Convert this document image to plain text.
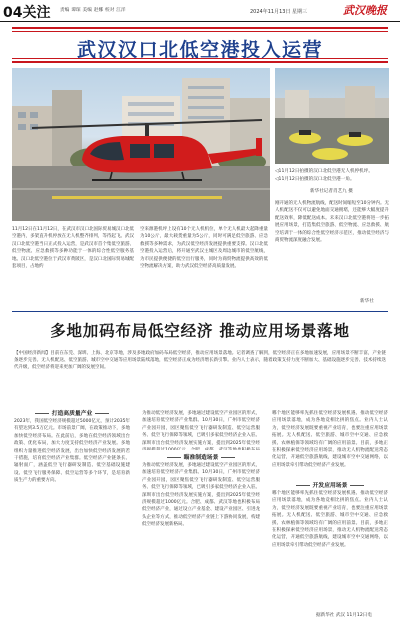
04关注 责编 谭琛 美编 赵娜 校对 江洋	2024年11月13日 星期三	武汉晚报
武汉汉口北低空港投入运营
◁11月12日拍摄的汉口北低空港无人机停机坪。
◁11月12日拍摄的汉口北低空港一角。
新华社记者肖艺九 摄
11月12日在11月12日，在武汉市汉口北国际贸易城汉口北低空港内，多架直升机停放在无人机整齐排列，等待起飞。武汉汉口北低空港当日正式投入运营，是武汉市首个集低空旅游、低空物流、应急救援等多种功能于一体的综合性低空服务基地。汉口北低空港位于武汉市黄陂区，是汉口北国际贸易城配套项目，占地约
空来源港机坪上设有10个无人机机位，单个无人机最大起降重量为10公斤，最大载货重量为5公斤，同时可满足低空旅游、应急救援等多种需求，为武汉低空经济发展提供重要支撑。汉口北低空港投入运营后，将开通至武汉主城区及周边城市的低空航线，为市民提供便捷的低空出行服务，同时为商贸物流提供高效的低空物流解决方案，助力武汉低空经济高质量发展。
刚开通的无人机物流航线，配送时间缩短至10分钟内。无人机配送不仅可以避免地面交通拥堵，还能够大幅度提升配送效率，降低配送成本。未来汉口北低空港将进一步拓展应用场景，打造集低空旅游、低空物流、应急救援、航空培训于一体的综合性低空经济示范区，推动低空经济与商贸物流深度融合发展。
新华社
多地加码布局低空经济 推动应用场景落地
【中国经济新闻】目前在东莞、深圳、上海、北京等地，涉及多地政府加码布局低空经济，推动应用场景落地。记者调查了解到，低空经济正在多地加速发展，应用场景不断丰富，产业链条逐步完善。无人机配送、低空旅游、城市空中交通等应用场景陆续落地，低空经济正成为经济增长新引擎。业内人士表示，随着政策支持力度不断加大、基础设施逐步完善、技术持续迭代升级，低空经济将迎来更加广阔的发展空间。
打造高质量产业
瞄准制造场景
开发应用场景
2023年，我国低空经济规模超过5000亿元，预计2035年有望达到3.5万亿元。市场前景广阔，在政策推动下，多地加快低空经济布局。在此前后，多地在低空经济领域出台政策、优化布局，加大力度支持低空经济产业发展。多地组织力量推进低空经济发展，出台加快低空经济发展的若干措施，培育低空经济产业集群。低空经济产业链条长、辐射面广，涵盖低空飞行器研发制造、低空基础设施建设、低空飞行服务保障、低空运营等多个环节，是培育新质生产力的重要方向。
为推动低空经济发展，多地通过建设低空产业园区的形式，加速培育低空经济产业集群。10月30日，广州市低空经济产业园开园，园区聚焦低空飞行器研发制造、低空运营服务、低空飞行保障等领域，已吸引多家低空经济企业入驻。深圳市出台低空经济发展实施方案，提出到2025年低空经
为推动低空经济发展，多地通过建设低空产业园区的形式，加速培育低空经济产业集群。10月30日，广州市低空经济产业园开园，园区聚焦低空飞行器研发制造、低空运营服务、低空飞行保障等领域，已吸引多家低空经济企业入驻。深圳市出台低空经济发展实施方案，提出到2025年低空经济规模超过1000亿元。合肥、成都、武汉等地也积极布局低空经济产业，通过设立产业基金、建设产业园区、引进龙头企业等方式，推动低空经济产业链上下游协同发展，构建低空经济发展新格局。
哪个地区能够率先抓住低空经济发展机遇、推动低空经济应用场景落地，成为各地竞相比拼的焦点。业内人士认为，低空经济发展既要重视产业培育，也要注重应用场景拓展。无人机配送、低空旅游、城市空中交通、应急救援、农林植保等领域均有广阔的应用前景。目前，多地正在积极探索低空经济应用场景，推动无人机物流配送常态化运营，开通低空旅游航线，建设城市空中交通网络，以应用场景牵引带动低空经济产业发展。
哪个地区能够率先抓住低空经济发展机遇、推动低空经济应用场景落地，成为各地竞相比拼的焦点。业内人士认为，低空经济发展既要重视产业培育，也要注重应用场景拓展。无人机配送、低空旅游、城市空中交通、应急救援、农林植保等领域均有广阔的应用前景。目前，多地正在积极探索低空经济应用场景，推动无人机物流配送常态化运营，开通低空旅游航线，建设城市空中交通网络，以应用场景牵引带动低空经济产业发展。
据新华社 武汉 11月12日电
